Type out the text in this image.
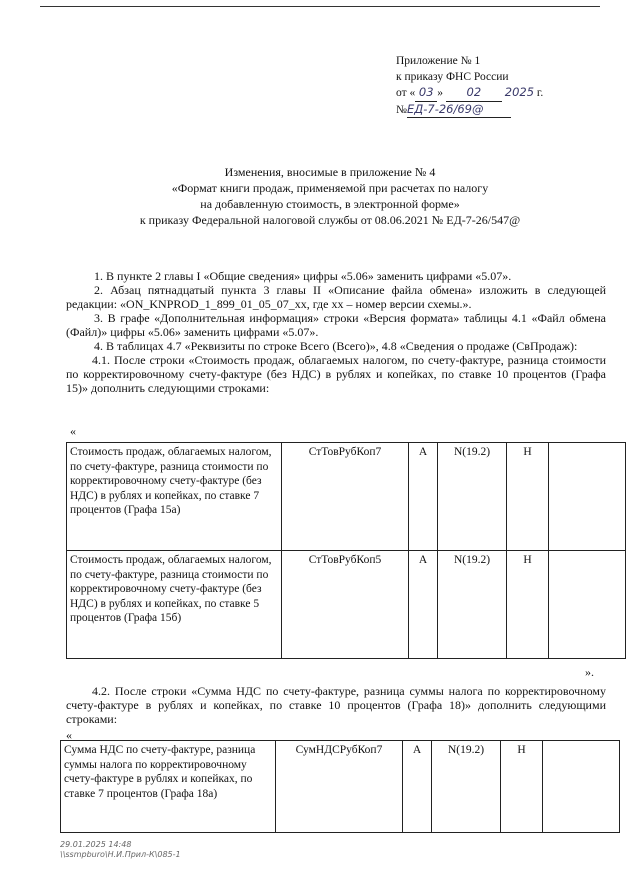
Приложение № 1
к приказу ФНС России
от « 03 » 02 2025 г.
№ЕД-7-26/69@
Изменения, вносимые в приложение № 4
«Формат книги продаж, применяемой при расчетах по налогу
на добавленную стоимость, в электронной форме»
к приказу Федеральной налоговой службы от 08.06.2021 № ЕД-7-26/547@

1. В пункте 2 главы I «Общие сведения» цифры «5.06» заменить цифрами «5.07».

2. Абзац пятнадцатый пункта 3 главы II «Описание файла обмена» изложить в следующей редакции: «ON_KNPROD_1_899_01_05_07_xx, где xx – номер версии схемы.».

3. В графе «Дополнительная информация» строки «Версия формата» таблицы 4.1 «Файл обмена (Файл)» цифры «5.06» заменить цифрами «5.07».

4. В таблицах 4.7 «Реквизиты по строке Всего (Всего)», 4.8 «Сведения о продаже (СвПродаж):

4.1. После строки «Стоимость продаж, облагаемых налогом, по счету-фактуре, разница стоимости по корректировочному счету-фактуре (без НДС) в рублях и копейках, по ставке 10 процентов (Графа 15)» дополнить следующими строками:

«
Стоимость продаж, облагаемых налогом, по счету-фактуре, разница стоимости по корректировочному счету-фактуре (без НДС) в рублях и копейках, по ставке 7 процентов (Графа 15а)	СтТовРубКоп7	А	N(19.2)	Н	
Стоимость продаж, облагаемых налогом, по счету-фактуре, разница стоимости по корректировочному счету-фактуре (без НДС) в рублях и копейках, по ставке 5 процентов (Графа 15б)	СтТовРубКоп5	А	N(19.2)	Н	
».

4.2. После строки «Сумма НДС по счету-фактуре, разница суммы налога по корректировочному счету-фактуре в рублях и копейках, по ставке 10 процентов (Графа 18)» дополнить следующими строками:

«
Сумма НДС по счету-фактуре, разница суммы налога по корректировочному счету-фактуре в рублях и копейках, по ставке 7 процентов (Графа 18а)	СумНДСРубКоп7	А	N(19.2)	Н	
29.01.2025 14:48
\\ssmpburo\Н.И.Прил-К\085-1
